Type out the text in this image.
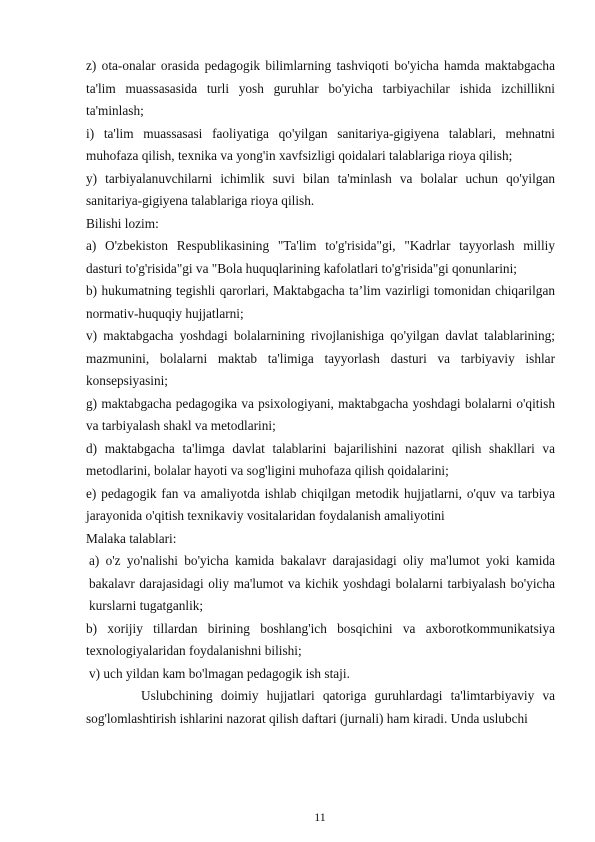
z) ota-onalar orasida pedagogik bilimlarning tashviqoti bo'yicha hamda maktabgacha ta'lim muassasasida turli yosh guruhlar bo'yicha tarbiyachilar ishida izchillikni ta'minlash;

i) ta'lim muassasasi faoliyatiga qo'yilgan sanitariya-gigiyena talablari, mehnatni muhofaza qilish, texnika va yong'in xavfsizligi qoidalari talablariga rioya qilish;

y) tarbiyalanuvchilarni ichimlik suvi bilan ta'minlash va bolalar uchun qo'yilgan sanitariya-gigiyena talablariga rioya qilish.

Bilishi lozim:

a) O'zbekiston Respublikasining "Ta'lim to'g'risida"gi, "Kadrlar tayyorlash milliy dasturi to'g'risida"gi va "Bola huquqlarining kafolatlari to'g'risida"gi qonunlarini;

b) hukumatning tegishli qarorlari, Maktabgacha ta’lim vazirligi tomonidan chiqarilgan normativ-huquqiy hujjatlarni;

v) maktabgacha yoshdagi bolalarnining rivojlanishiga qo'yilgan davlat talablarining; mazmunini, bolalarni maktab ta'limiga tayyorlash dasturi va tarbiyaviy ishlar konsepsiyasini;

g) maktabgacha pedagogika va psixologiyani, maktabgacha yoshdagi bolalarni o'qitish va tarbiyalash shakl va metodlarini;

d) maktabgacha ta'limga davlat talablarini bajarilishini nazorat qilish shakllari va metodlarini, bolalar hayoti va sog'ligini muhofaza qilish qoidalarini;

e) pedagogik fan va amaliyotda ishlab chiqilgan metodik hujjatlarni, o'quv va tarbiya jarayonida o'qitish texnikaviy vositalaridan foydalanish amaliyotini

Malaka talablari:

a) o'z yo'nalishi bo'yicha kamida bakalavr darajasidagi oliy ma'lumot yoki kamida bakalavr darajasidagi oliy ma'lumot va kichik yoshdagi bolalarni tarbiyalash bo'yicha kurslarni tugatganlik;

b) xorijiy tillardan birining boshlang'ich bosqichini va axborotkommunikatsiya texnologiyalaridan foydalanishni bilishi;

v) uch yildan kam bo'lmagan pedagogik ish staji.

Uslubchining doimiy hujjatlari qatoriga guruhlardagi ta'limtarbiyaviy va sog'lomlashtirish ishlarini nazorat qilish daftari (jurnali) ham kiradi. Unda uslubchi

11
